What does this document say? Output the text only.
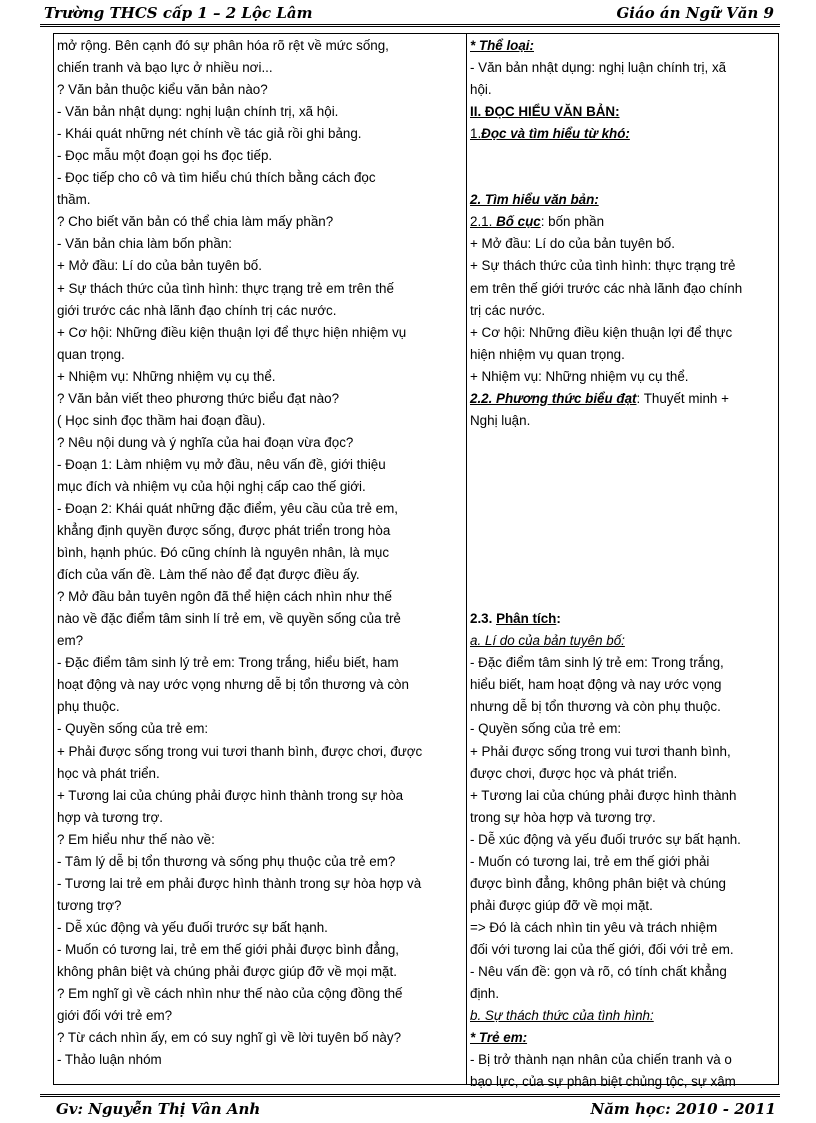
Trường THCS cấp 1 – 2 Lộc Lâm	Giáo án Ngữ Văn 9
mở rộng. Bên cạnh đó sự phân hóa rõ rệt về mức sống,
chiến tranh và bạo lực ở nhiều nơi...
? Văn bản thuộc kiểu văn bản nào?
- Văn bản nhật dụng: nghị luận chính trị, xã hội.
- Khái quát những nét chính về tác giả rồi ghi bảng.
- Đọc mẫu một đoạn gọi hs đọc tiếp.
- Đọc tiếp cho cô và tìm hiểu chú thích bằng cách đọc
thầm.
? Cho biết văn bản có thể chia làm mấy phần?
- Văn bản chia làm bốn phần:
+ Mở đầu: Lí do của bản tuyên bố.
+ Sự thách thức của tình hình: thực trạng trẻ em trên thế
giới trước các nhà lãnh đạo chính trị các nước.
+ Cơ hội: Những điều kiện thuận lợi để thực hiện nhiệm vụ
quan trọng.
+ Nhiệm vụ: Những nhiệm vụ cụ thể.
? Văn bản viết theo phương thức biểu đạt nào?
( Học sinh đọc thầm hai đoạn đầu).
? Nêu nội dung và ý nghĩa của hai đoạn vừa đọc?
- Đoạn 1: Làm nhiệm vụ mở đầu, nêu vấn đề, giới thiệu
mục đích và nhiệm vụ của hội nghị cấp cao thế giới.
- Đoạn 2: Khái quát những đặc điểm, yêu cầu của trẻ em,
khẳng định quyền được sống, được phát triển trong hòa
bình, hạnh phúc. Đó cũng chính là nguyên nhân, là mục
đích của vấn đề. Làm thế nào để đạt được điều ấy.
? Mở đầu bản tuyên ngôn đã thể hiện cách nhìn như thế
nào về đặc điểm tâm sinh lí trẻ em, về quyền sống của trẻ
em?
- Đặc điểm tâm sinh lý trẻ em: Trong trắng, hiểu biết, ham
hoạt động và nay ước vọng nhưng dễ bị tổn thương và còn
phụ thuộc.
- Quyền sống của trẻ em:
+ Phải được sống trong vui tươi thanh bình, được chơi, được
học và phát triển.
+ Tương lai của chúng phải được hình thành trong sự hòa
hợp và tương trợ.
? Em hiểu như thế nào về:
- Tâm lý dễ bị tổn thương và sống phụ thuộc của trẻ em?
- Tương lai trẻ em phải được hình thành trong sự hòa hợp và
tương trợ?
- Dễ xúc động và yếu đuối trước sự bất hạnh.
- Muốn có tương lai, trẻ em thế giới phải được bình đẳng,
không phân biệt và chúng phải được giúp đỡ về mọi mặt.
? Em nghĩ gì về cách nhìn như thế nào của cộng đồng thế
giới đối với trẻ em?
? Từ cách nhìn ấy, em có suy nghĩ gì về lời tuyên bố này?
- Thảo luận nhóm
* Thể loại:
- Văn bản nhật dụng: nghị luận chính trị, xã
hội.
II. ĐỌC HIỂU VĂN BẢN:
1.Đọc và tìm hiểu từ khó:
2. Tìm hiểu văn bản:
2.1. Bố cục: bốn phần
+ Mở đầu: Lí do của bản tuyên bố.
+ Sự thách thức của tình hình: thực trạng trẻ
em trên thế giới trước các nhà lãnh đạo chính
trị các nước.
+ Cơ hội: Những điều kiện thuận lợi để thực
hiện nhiệm vụ quan trọng.
+ Nhiệm vụ: Những nhiệm vụ cụ thể.
2.2. Phương thức biểu đạt: Thuyết minh +
Nghị luận.
2.3. Phân tích:
a. Lí do của bản tuyên bố:
- Đặc điểm tâm sinh lý trẻ em: Trong trắng,
hiểu biết, ham hoạt động và nay ước vọng
nhưng dễ bị tổn thương và còn phụ thuộc.
- Quyền sống của trẻ em:
+ Phải được sống trong vui tươi thanh bình,
được chơi, được học và phát triển.
+ Tương lai của chúng phải được hình thành
trong sự hòa hợp và tương trợ.
- Dễ xúc động và yếu đuối trước sự bất hạnh.
- Muốn có tương lai, trẻ em thế giới phải
được bình đẳng, không phân biệt và chúng
phải được giúp đỡ về mọi mặt.
=> Đó là cách nhìn tin yêu và trách nhiệm
đối với tương lai của thế giới, đối với trẻ em.
- Nêu vấn đề: gọn và rõ, có tính chất khẳng
định.
b. Sự thách thức của tình hình:
* Trẻ em:
- Bị trở thành nạn nhân của chiến tranh và o
bạo lực, của sự phân biệt chủng tộc, sự xâm
Gv: Nguyễn Thị Vân Anh	Năm học: 2010 - 2011
